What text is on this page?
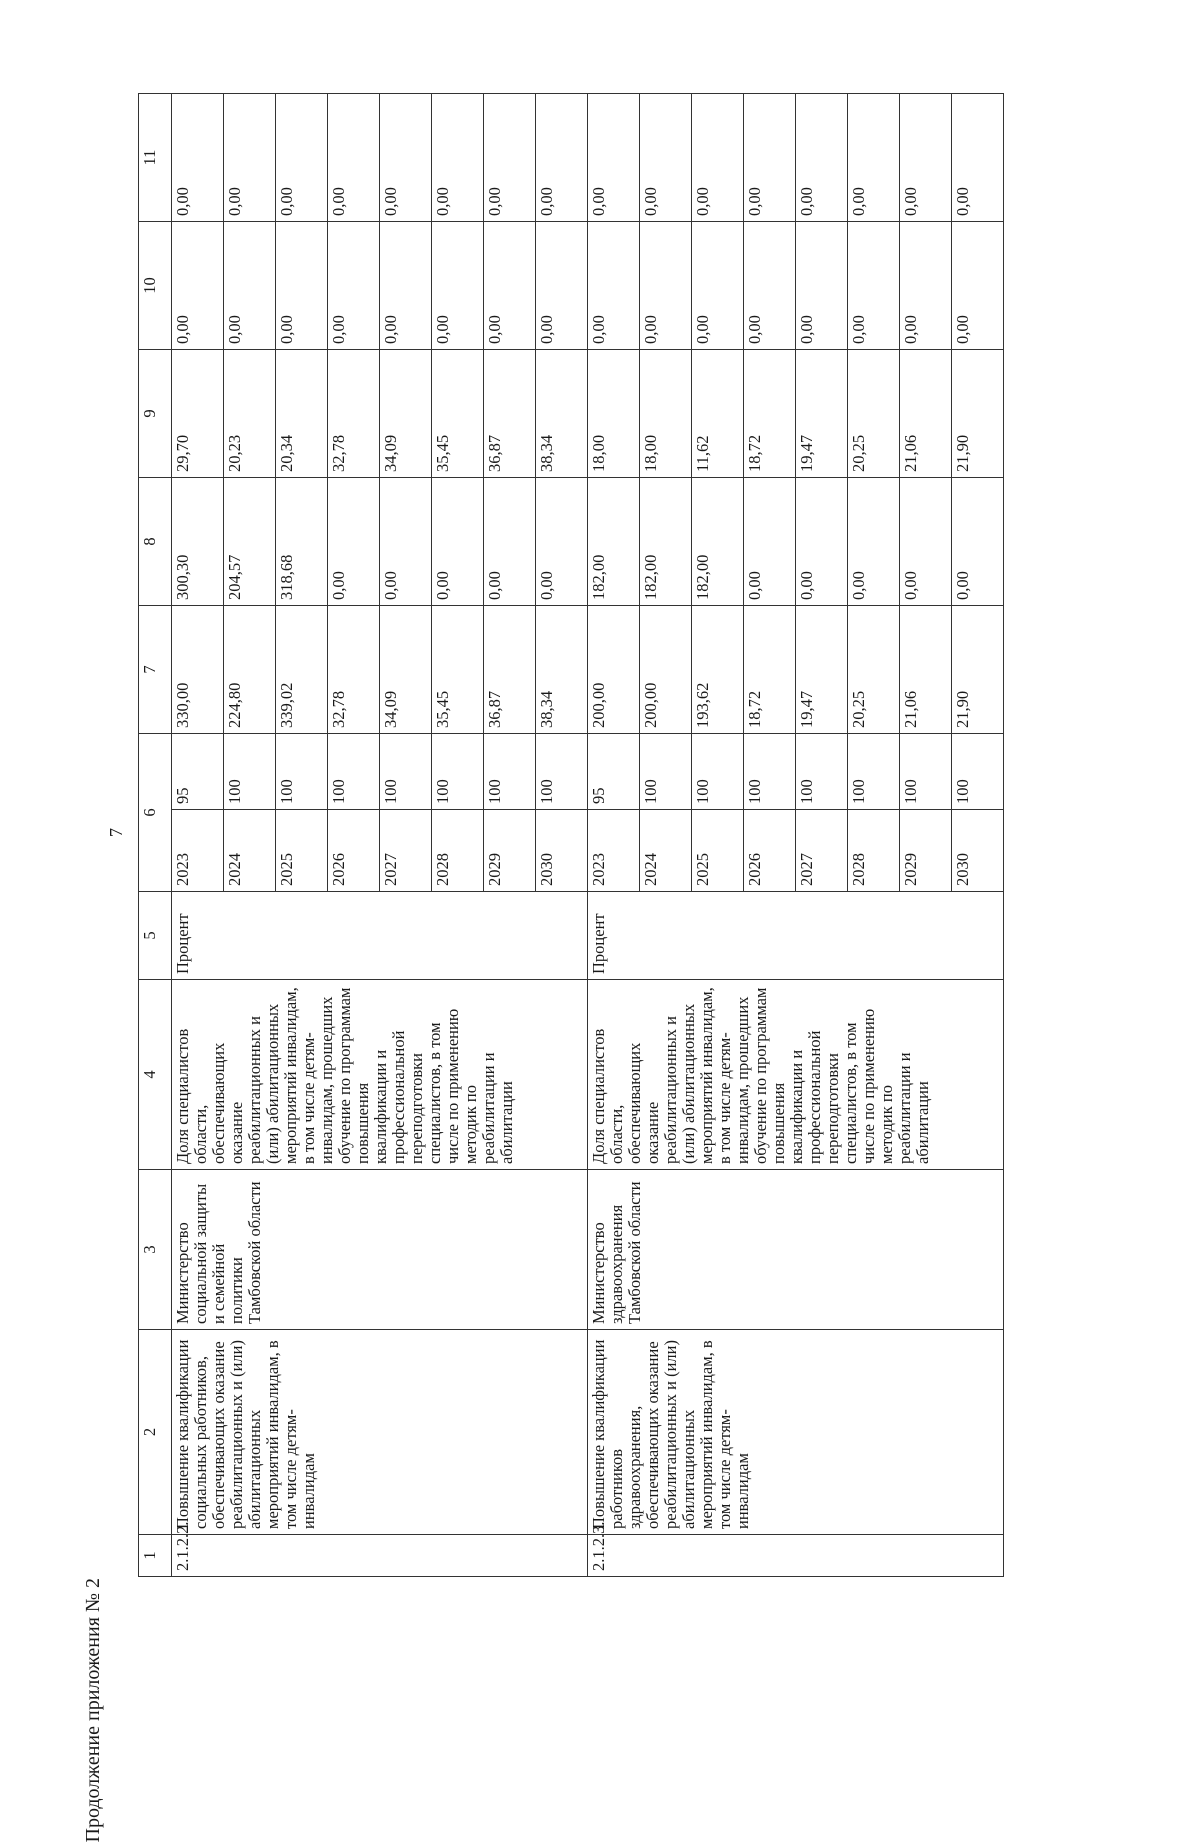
7
Продолжение приложения № 2
1	2	3	4	5	6		7	8	9	10	11
2.1.2.2.	Повышение квалификации социальных работников, обеспечивающих оказание реабилитационных и (или) абилитационных мероприятий инвалидам, в том числе детям-инвалидам	Министерство социальной защиты и семейной политики Тамбовской области	Доля специалистов области, обеспечивающих оказание реабилитационных и (или) абилитационных мероприятий инвалидам, в том числе детям-инвалидам, прошедших обучение по программам повышения квалификации и профессиональной переподготовки специалистов, в том числе по применению методик по реабилитации и абилитации	Процент	2023	95	330,00	300,30	29,70	0,00	0,00
					2024	100	224,80	204,57	20,23	0,00	0,00
					2025	100	339,02	318,68	20,34	0,00	0,00
					2026	100	32,78	0,00	32,78	0,00	0,00
					2027	100	34,09	0,00	34,09	0,00	0,00
					2028	100	35,45	0,00	35,45	0,00	0,00
					2029	100	36,87	0,00	36,87	0,00	0,00
					2030	100	38,34	0,00	38,34	0,00	0,00
2.1.2.3.	Повышение квалификации работников здравоохранения, обеспечивающих оказание реабилитационных и (или) абилитационных мероприятий инвалидам, в том числе детям-инвалидам	Министерство здравоохранения Тамбовской области	Доля специалистов области, обеспечивающих оказание реабилитационных и (или) абилитационных мероприятий инвалидам, в том числе детям-инвалидам, прошедших обучение по программам повышения квалификации и профессиональной переподготовки специалистов, в том числе по применению методик по реабилитации и абилитации	Процент	2023	95	200,00	182,00	18,00	0,00	0,00
					2024	100	200,00	182,00	18,00	0,00	0,00
					2025	100	193,62	182,00	11,62	0,00	0,00
					2026	100	18,72	0,00	18,72	0,00	0,00
					2027	100	19,47	0,00	19,47	0,00	0,00
					2028	100	20,25	0,00	20,25	0,00	0,00
					2029	100	21,06	0,00	21,06	0,00	0,00
					2030	100	21,90	0,00	21,90	0,00	0,00
